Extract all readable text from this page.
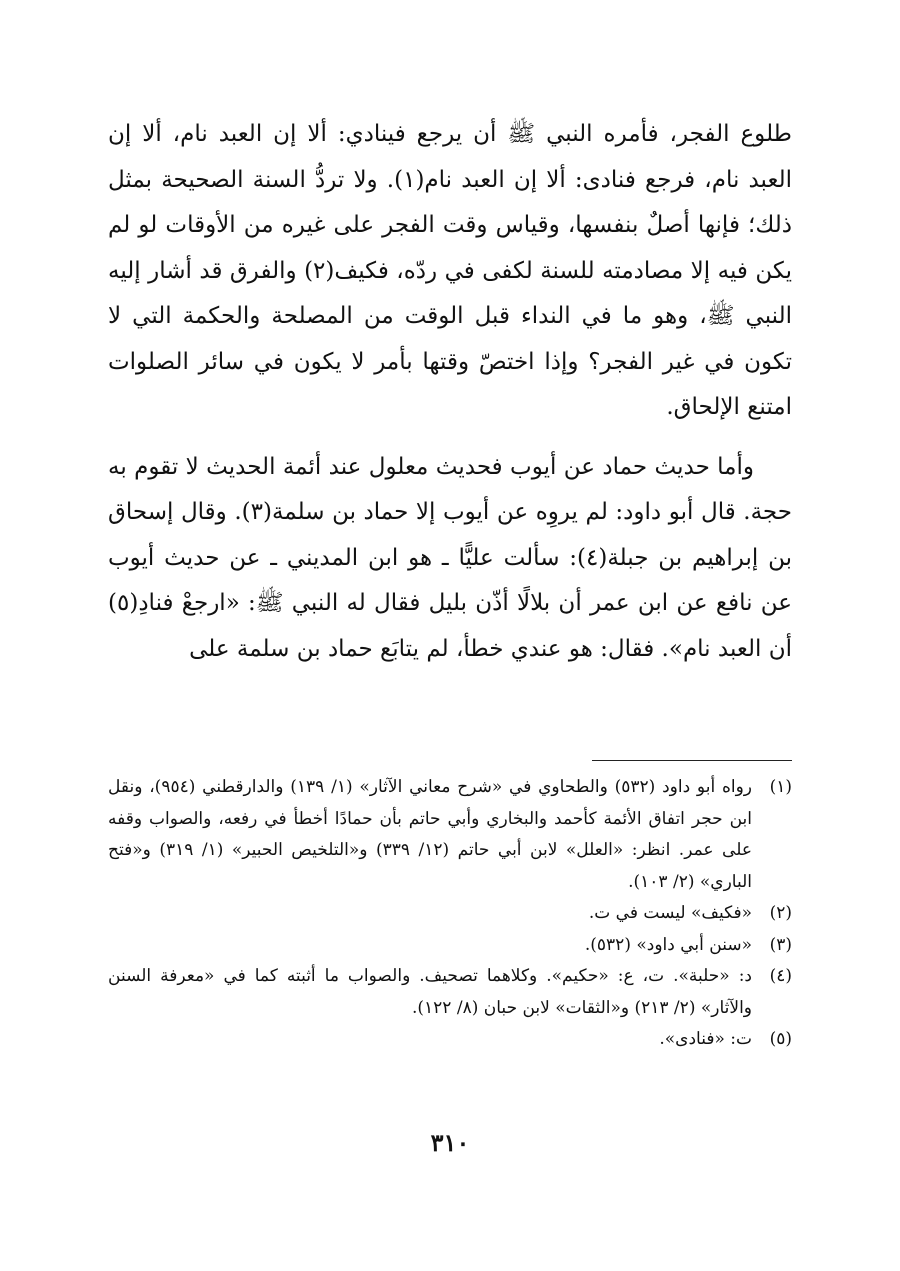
طلوع الفجر، فأمره النبي ﷺ أن يرجع فينادي: ألا إن العبد نام، ألا إن العبد نام، فرجع فنادى: ألا إن العبد نام(١). ولا تردُّ السنة الصحيحة بمثل ذلك؛ فإنها أصلٌ بنفسها، وقياس وقت الفجر على غيره من الأوقات لو لم يكن فيه إلا مصادمته للسنة لكفى في ردّه، فكيف(٢) والفرق قد أشار إليه النبي ﷺ، وهو ما في النداء قبل الوقت من المصلحة والحكمة التي لا تكون في غير الفجر؟ وإذا اختصّ وقتها بأمر لا يكون في سائر الصلوات امتنع الإلحاق.

وأما حديث حماد عن أيوب فحديث معلول عند أئمة الحديث لا تقوم به حجة. قال أبو داود: لم يروِه عن أيوب إلا حماد بن سلمة(٣). وقال إسحاق بن إبراهيم بن جبلة(٤): سألت عليًّا ـ هو ابن المديني ـ عن حديث أيوب عن نافع عن ابن عمر أن بلالًا أذّن بليل فقال له النبي ﷺ: «ارجعْ فنادِ(٥) أن العبد نام». فقال: هو عندي خطأ، لم يتابَع حماد بن سلمة على

(١)
رواه أبو داود (٥٣٢) والطحاوي في «شرح معاني الآثار» (١/ ١٣٩) والدارقطني (٩٥٤)، ونقل ابن حجر اتفاق الأئمة كأحمد والبخاري وأبي حاتم بأن حمادًا أخطأ في رفعه، والصواب وقفه على عمر. انظر: «العلل» لابن أبي حاتم (١٢/ ٣٣٩) و«التلخيص الحبير» (١/ ٣١٩) و«فتح الباري» (٢/ ١٠٣).
(٢)
«فكيف» ليست في ت.
(٣)
«سنن أبي داود» (٥٣٢).
(٤)
د: «حلبة». ت، ع: «حكيم». وكلاهما تصحيف. والصواب ما أثبته كما في «معرفة السنن والآثار» (٢/ ٢١٣) و«الثقات» لابن حبان (٨/ ١٢٢).
(٥)
ت: «فنادى».
٣١٠
